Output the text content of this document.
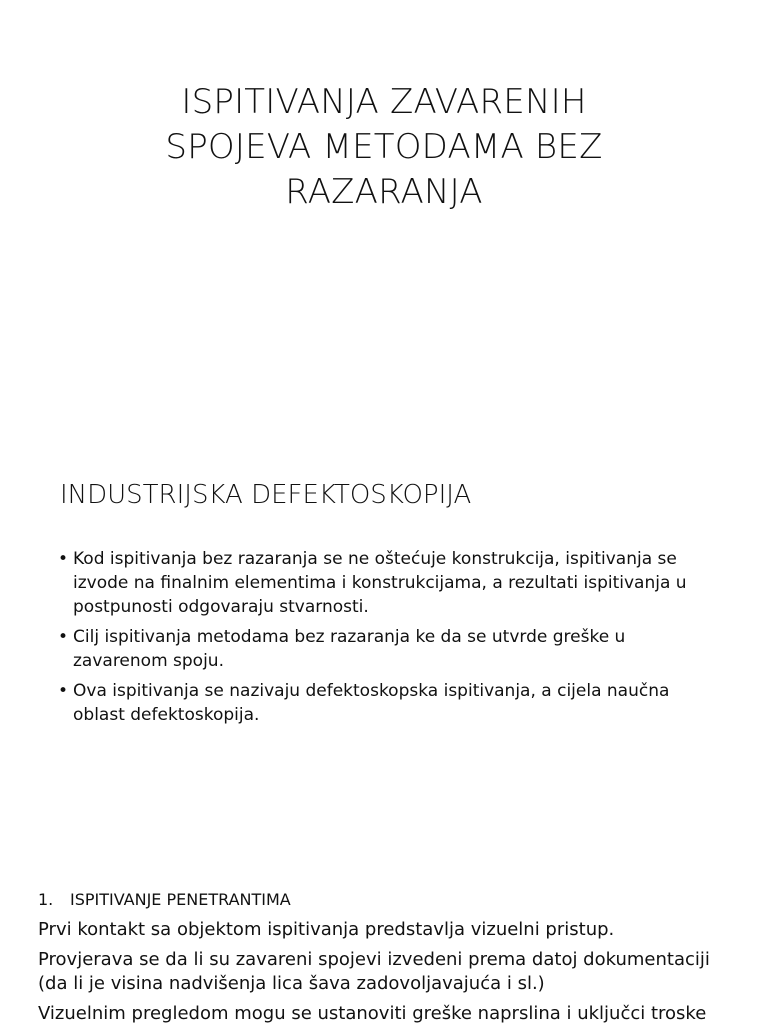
ISPITIVANJA ZAVARENIH
SPOJEVA METODAMA BEZ
RAZARANJA
INDUSTRIJSKA DEFEKTOSKOPIJA
• Kod ispitivanja bez razaranja se ne oštećuje konstrukcija, ispitivanja se izvode na finalnim elementima i konstrukcijama, a rezultati ispitivanja u postpunosti odgovaraju stvarnosti.
• Cilj ispitivanja metodama bez razaranja ke da se utvrde greške u zavarenom spoju.
• Ova ispitivanja se nazivaju defektoskopska ispitivanja, a cijela naučna oblast defektoskopija.
1. ISPITIVANJE PENETRANTIMA

Prvi kontakt sa objektom ispitivanja predstavlja vizuelni pristup.

Provjerava se da li su zavareni spojevi izvedeni prema datoj dokumentaciji (da li je visina nadvišenja lica šava zadovoljavajuća i sl.)

Vizuelnim pregledom mogu se ustanoviti greške naprslina i uključci troske
